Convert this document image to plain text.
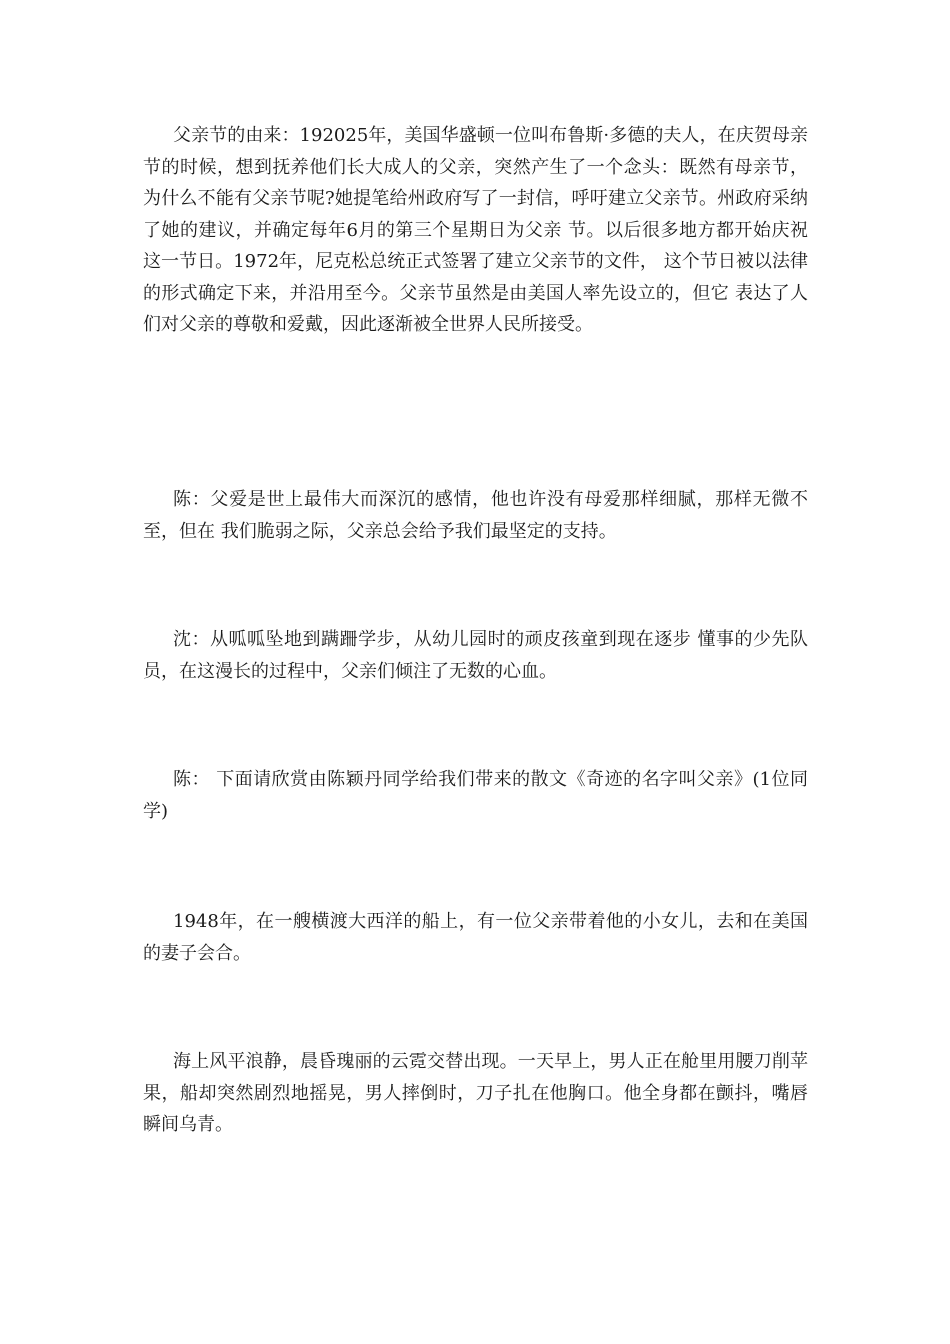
父亲节的由来：192025年，美国华盛顿一位叫布鲁斯·多德的夫人，在庆贺母亲节的时候，想到抚养他们长大成人的父亲，突然产生了一个念头：既然有母亲节，为什么不能有父亲节呢?她提笔给州政府写了一封信，呼吁建立父亲节。州政府采纳了她的建议，并确定每年6月的第三个星期日为父亲 节。以后很多地方都开始庆祝这一节日。1972年，尼克松总统正式签署了建立父亲节的文件， 这个节日被以法律的形式确定下来，并沿用至今。父亲节虽然是由美国人率先设立的，但它 表达了人们对父亲的尊敬和爱戴，因此逐渐被全世界人民所接受。

陈：父爱是世上最伟大而深沉的感情，他也许没有母爱那样细腻，那样无微不至，但在 我们脆弱之际，父亲总会给予我们最坚定的支持。

沈：从呱呱坠地到蹒跚学步，从幼儿园时的顽皮孩童到现在逐步 懂事的少先队员，在这漫长的过程中，父亲们倾注了无数的心血。

陈： 下面请欣赏由陈颖丹同学给我们带来的散文《奇迹的名字叫父亲》(1位同学)

1948年，在一艘横渡大西洋的船上，有一位父亲带着他的小女儿，去和在美国的妻子会合。

海上风平浪静，晨昏瑰丽的云霓交替出现。一天早上，男人正在舱里用腰刀削苹果，船却突然剧烈地摇晃，男人摔倒时，刀子扎在他胸口。他全身都在颤抖，嘴唇瞬间乌青。
